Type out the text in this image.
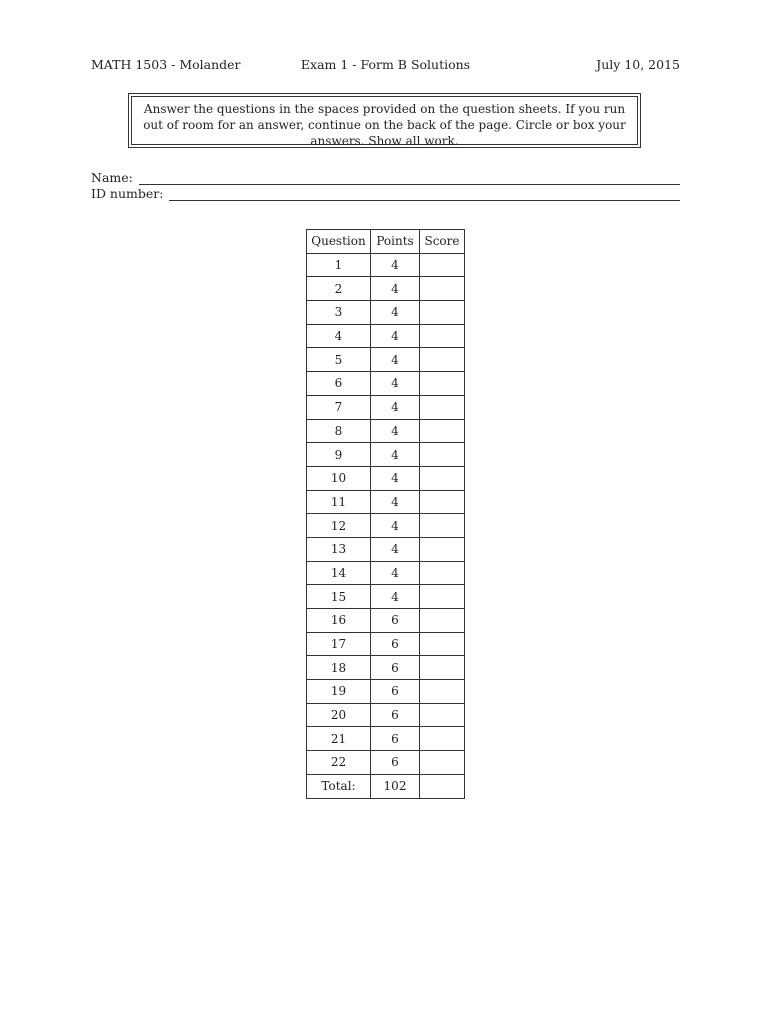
Exam 1 - Form B Solutions
MATH 1503 - Molander	July 10, 2015
Answer the questions in the spaces provided on the question sheets. If you run out of room for an answer, continue on the back of the page. Circle or box your answers. Show all work.
Name:
ID number:
Question	Points	Score
1	4	
2	4	
3	4	
4	4	
5	4	
6	4	
7	4	
8	4	
9	4	
10	4	
11	4	
12	4	
13	4	
14	4	
15	4	
16	6	
17	6	
18	6	
19	6	
20	6	
21	6	
22	6	
Total:	102	
